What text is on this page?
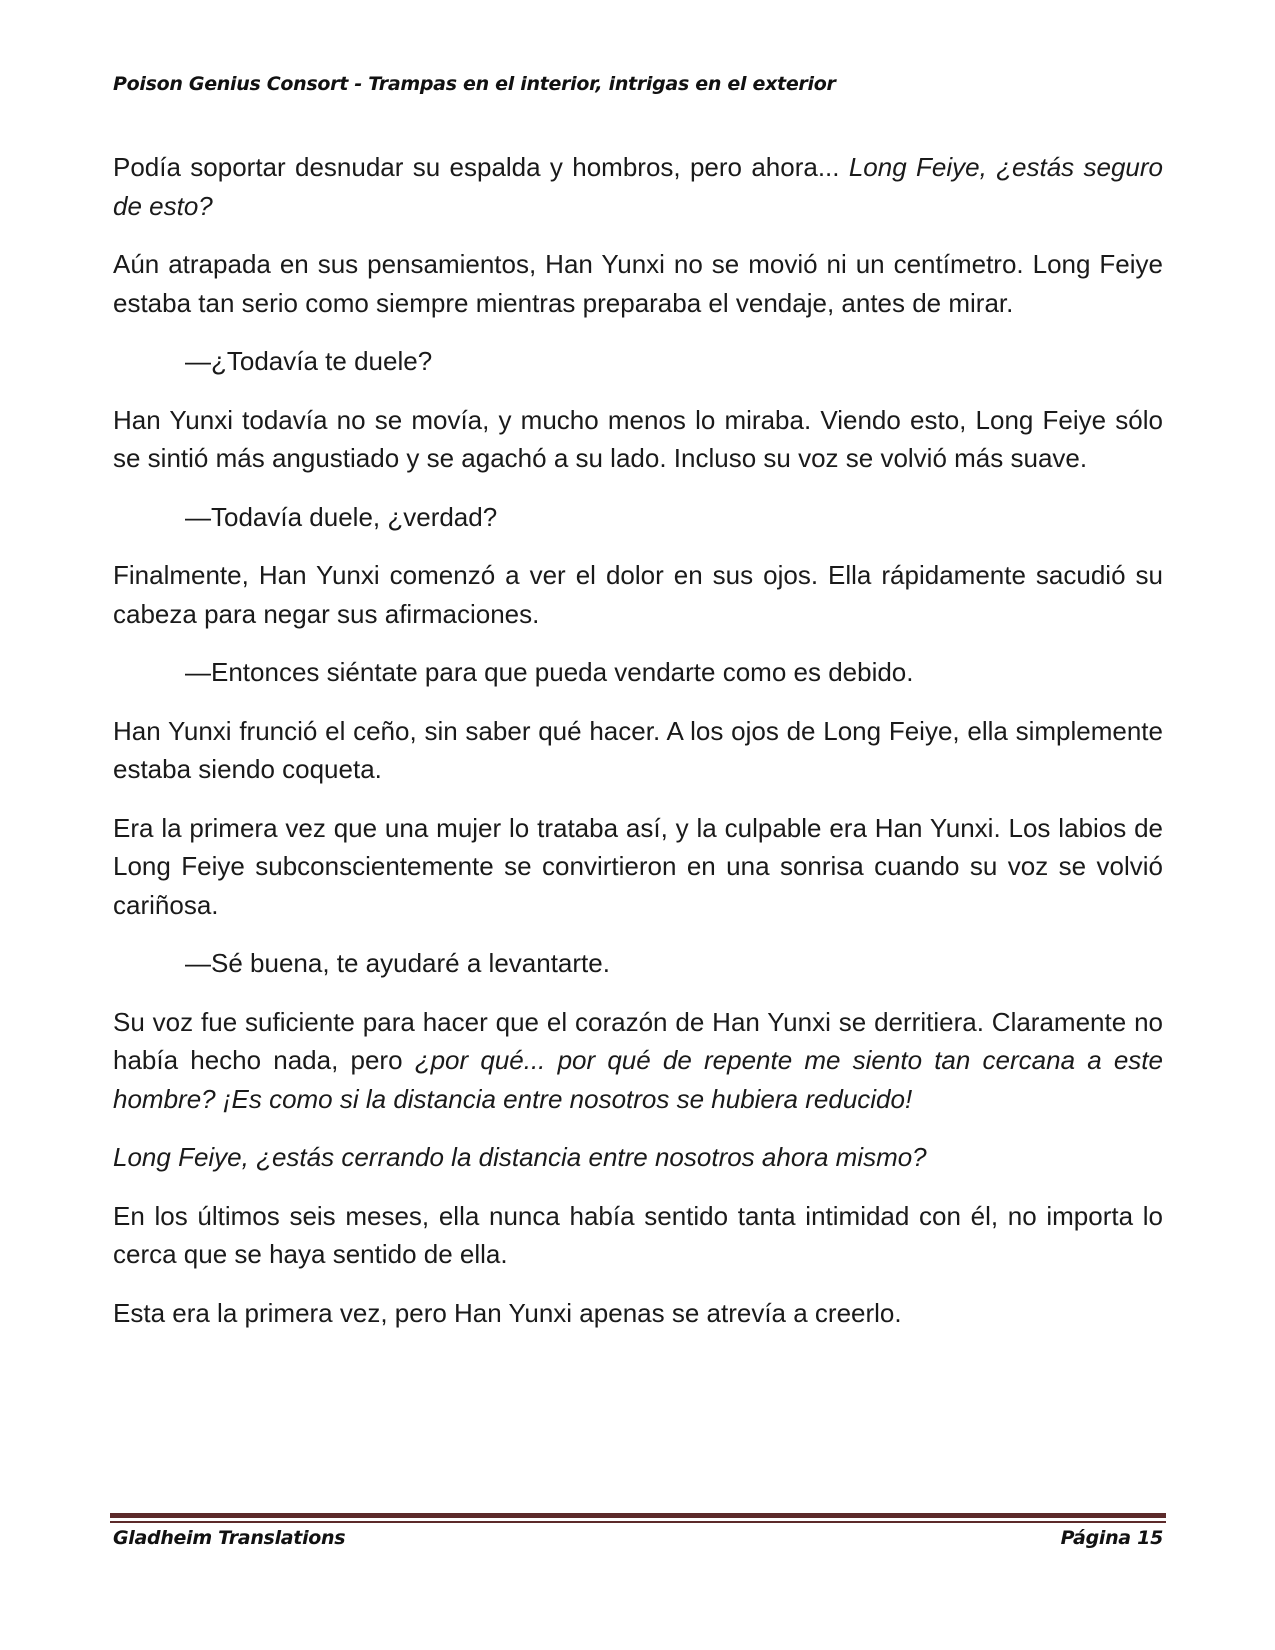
Poison Genius Consort - Trampas en el interior, intrigas en el exterior

Podía soportar desnudar su espalda y hombros, pero ahora... Long Feiye, ¿estás seguro de esto?

Aún atrapada en sus pensamientos, Han Yunxi no se movió ni un centímetro. Long Feiye estaba tan serio como siempre mientras preparaba el vendaje, antes de mirar.

—¿Todavía te duele?

Han Yunxi todavía no se movía, y mucho menos lo miraba. Viendo esto, Long Feiye sólo se sintió más angustiado y se agachó a su lado. Incluso su voz se volvió más suave.

—Todavía duele, ¿verdad?

Finalmente, Han Yunxi comenzó a ver el dolor en sus ojos. Ella rápidamente sacudió su cabeza para negar sus afirmaciones.

—Entonces siéntate para que pueda vendarte como es debido.

Han Yunxi frunció el ceño, sin saber qué hacer. A los ojos de Long Feiye, ella simplemente estaba siendo coqueta.

Era la primera vez que una mujer lo trataba así, y la culpable era Han Yunxi. Los labios de Long Feiye subconscientemente se convirtieron en una sonrisa cuando su voz se volvió cariñosa.

—Sé buena, te ayudaré a levantarte.

Su voz fue suficiente para hacer que el corazón de Han Yunxi se derritiera. Claramente no había hecho nada, pero ¿por qué... por qué de repente me siento tan cercana a este hombre? ¡Es como si la distancia entre nosotros se hubiera reducido!

Long Feiye, ¿estás cerrando la distancia entre nosotros ahora mismo?

En los últimos seis meses, ella nunca había sentido tanta intimidad con él, no importa lo cerca que se haya sentido de ella.

Esta era la primera vez, pero Han Yunxi apenas se atrevía a creerlo.

Gladheim Translations	Página 15
